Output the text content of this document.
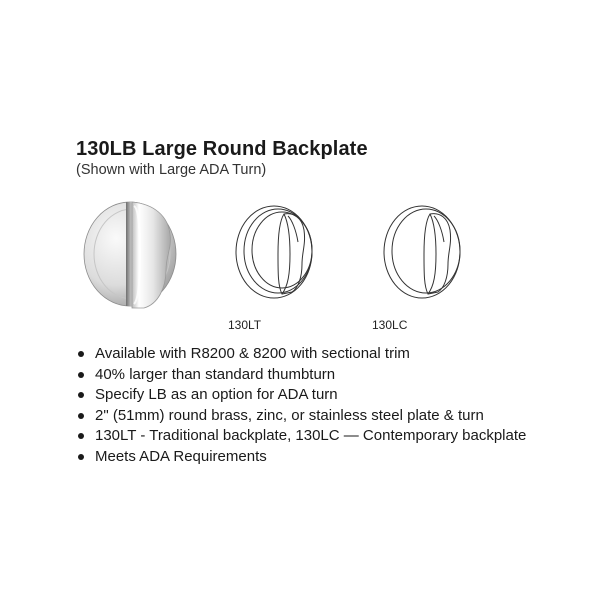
130LB Large Round Backplate
(Shown with Large ADA Turn)
130LT	130LC
Available with R8200 & 8200 with sectional trim
40% larger than standard thumbturn
Specify LB as an option for ADA turn
2" (51mm) round brass, zinc, or stainless steel plate & turn
130LT - Traditional backplate, 130LC — Contemporary backplate
Meets ADA Requirements
